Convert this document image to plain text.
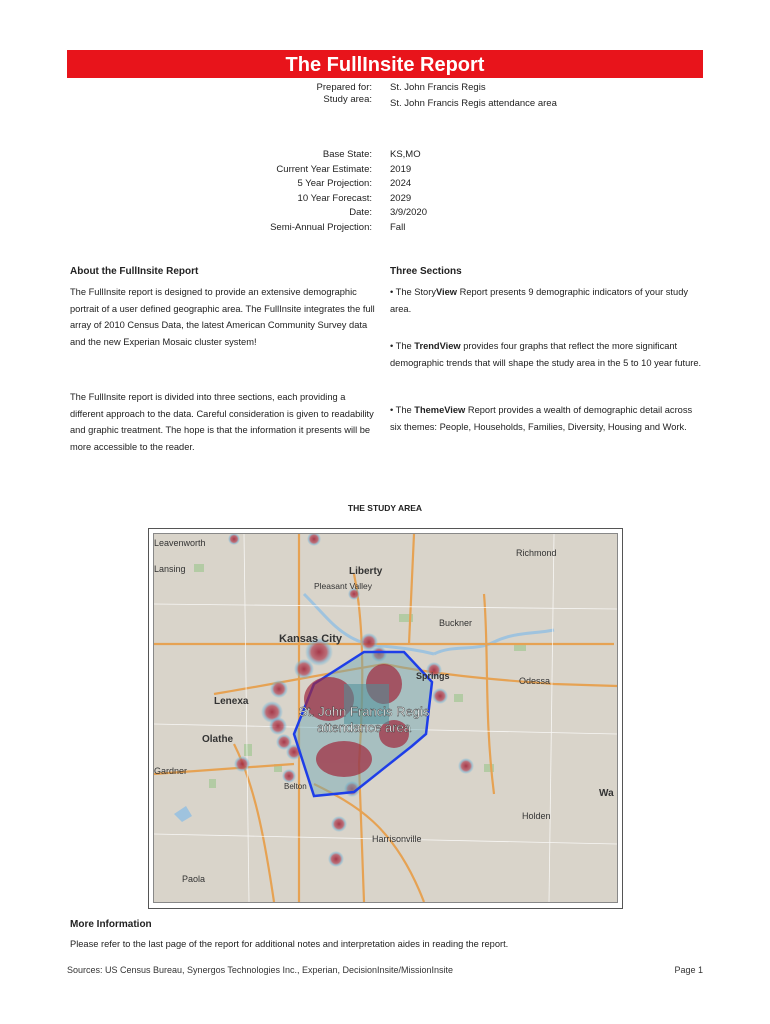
The FullInsite Report
Prepared for:
Study area:
St. John Francis Regis
St. John Francis Regis attendance area
Base State:
Current Year Estimate:
5 Year Projection:
10 Year Forecast:
Date:
Semi-Annual Projection:
KS,MO
2019
2024
2029
3/9/2020
Fall
About the FullInsite Report
The FullInsite report is designed to provide an extensive demographic portrait of a user defined geographic area. The FullInsite integrates the full array of 2010 Census Data, the latest American Community Survey data and the new Experian Mosaic cluster system!
The FullInsite report is divided into three sections, each providing a different approach to the data. Careful consideration is given to readability and graphic treatment. The hope is that the information it presents will be more accessible to the reader.
Three Sections
• The StoryView Report presents 9 demographic indicators of your study area.
• The TrendView provides four graphs that reflect the more significant demographic trends that will shape the study area in the 5 to 10 year future.
• The ThemeView Report provides a wealth of demographic detail across six themes: People, Households, Families, Diversity, Housing and Work.
THE STUDY AREA
Leavenworth
Lansing	Liberty
Pleasant Valley
Richmond
Kansas City
Buckner
Lenexa
Olathe
Odessa
Gardner
Belton
Harrisonville
Paola
Holden
Wa
Springs
St. John Francis Regis
attendance area
More Information
Please refer to the last page of the report for additional notes and interpretation aides in reading the report.
Sources: US Census Bureau, Synergos Technologies Inc., Experian, DecisionInsite/MissionInsite	Page 1
